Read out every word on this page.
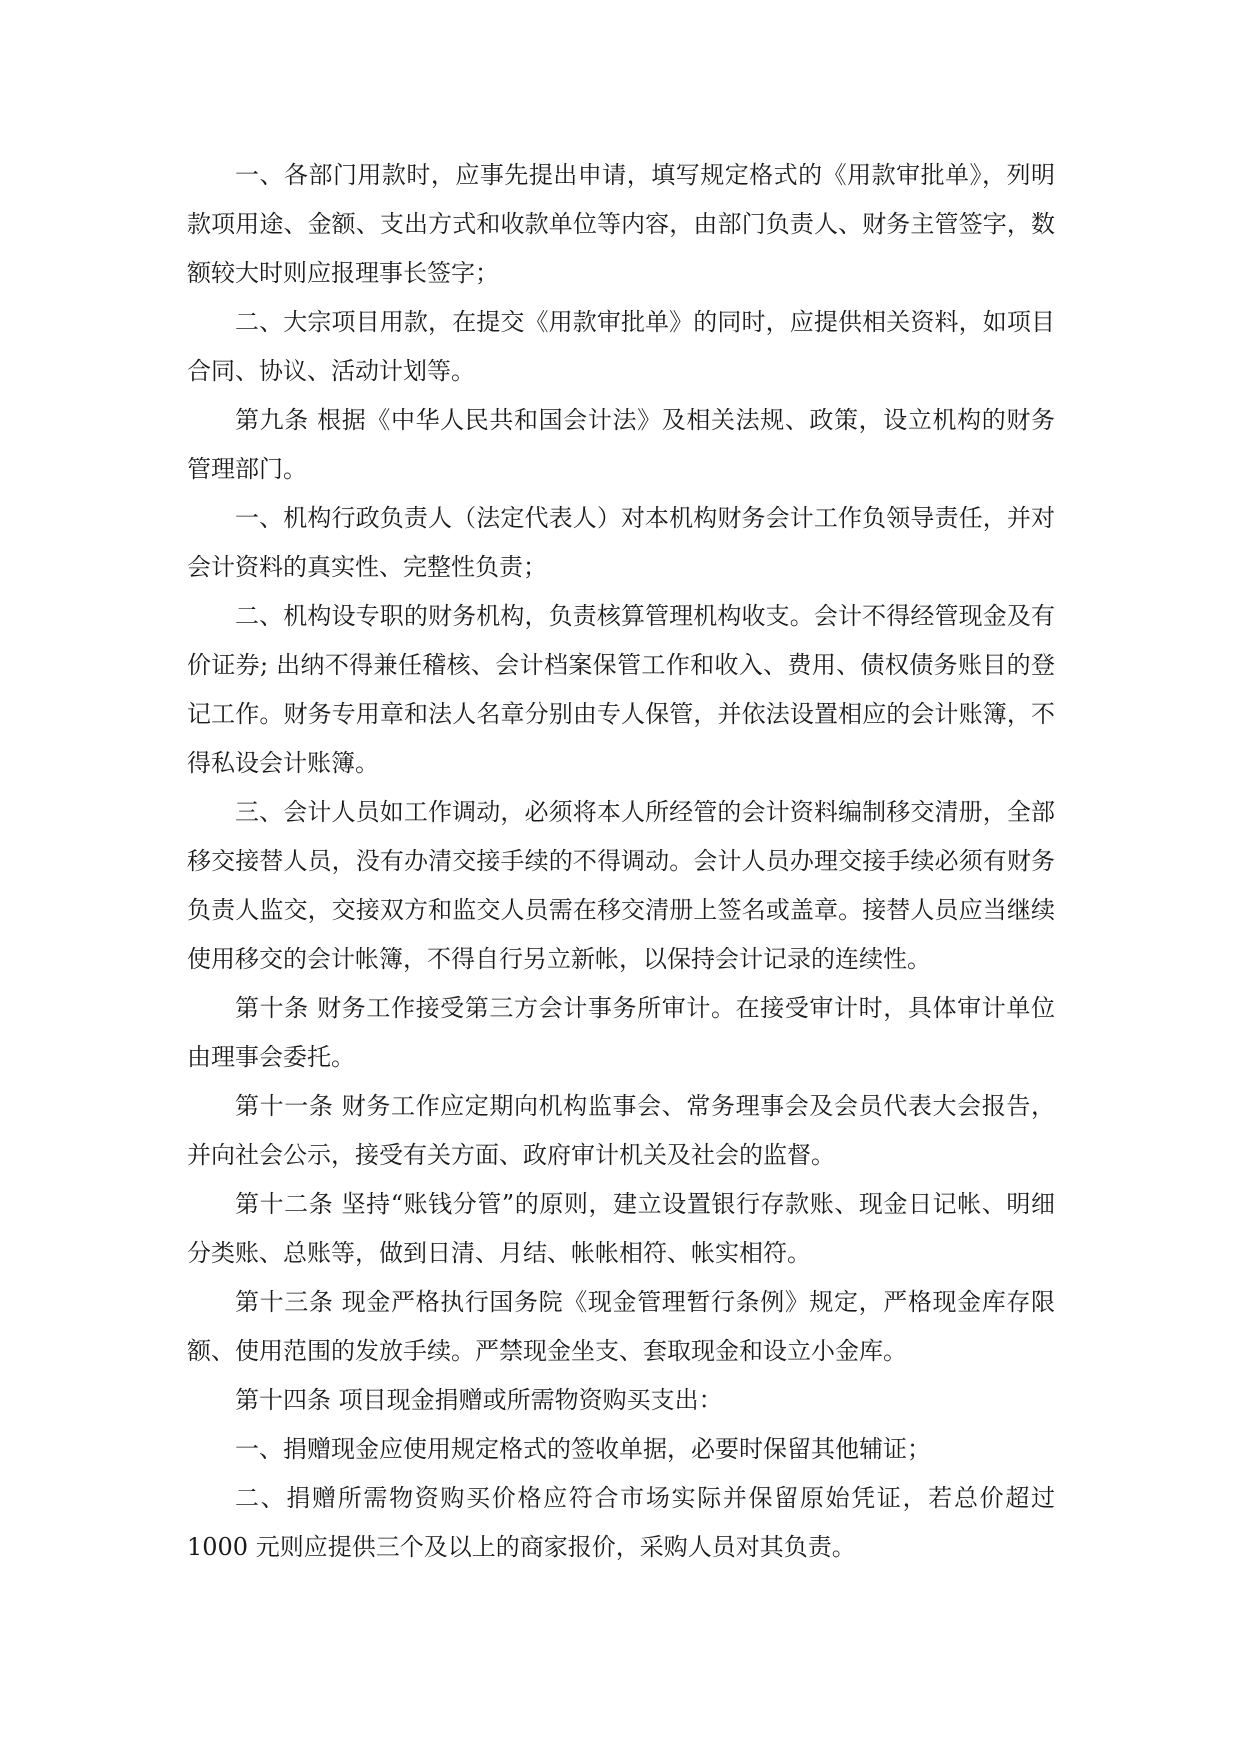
一、各部门用款时，应事先提出申请，填写规定格式的《用款审批单》，列明款项用途、金额、支出方式和收款单位等内容，由部门负责人、财务主管签字，数额较大时则应报理事长签字；

二、大宗项目用款，在提交《用款审批单》的同时，应提供相关资料，如项目合同、协议、活动计划等。

第九条 根据《中华人民共和国会计法》及相关法规、政策，设立机构的财务管理部门。

一、机构行政负责人（法定代表人）对本机构财务会计工作负领导责任，并对会计资料的真实性、完整性负责；

二、机构设专职的财务机构，负责核算管理机构收支。会计不得经管现金及有价证券; 出纳不得兼任稽核、会计档案保管工作和收入、费用、债权债务账目的登记工作。财务专用章和法人名章分别由专人保管，并依法设置相应的会计账簿，不得私设会计账簿。

三、会计人员如工作调动，必须将本人所经管的会计资料编制移交清册，全部移交接替人员，没有办清交接手续的不得调动。会计人员办理交接手续必须有财务负责人监交，交接双方和监交人员需在移交清册上签名或盖章。接替人员应当继续使用移交的会计帐簿，不得自行另立新帐，以保持会计记录的连续性。

第十条 财务工作接受第三方会计事务所审计。在接受审计时，具体审计单位由理事会委托。

第十一条 财务工作应定期向机构监事会、常务理事会及会员代表大会报告，并向社会公示，接受有关方面、政府审计机关及社会的监督。

第十二条 坚持“账钱分管”的原则，建立设置银行存款账、现金日记帐、明细分类账、总账等，做到日清、月结、帐帐相符、帐实相符。

第十三条 现金严格执行国务院《现金管理暂行条例》规定，严格现金库存限额、使用范围的发放手续。严禁现金坐支、套取现金和设立小金库。

第十四条 项目现金捐赠或所需物资购买支出：

一、捐赠现金应使用规定格式的签收单据，必要时保留其他辅证；

二、捐赠所需物资购买价格应符合市场实际并保留原始凭证，若总价超过1000 元则应提供三个及以上的商家报价，采购人员对其负责。
